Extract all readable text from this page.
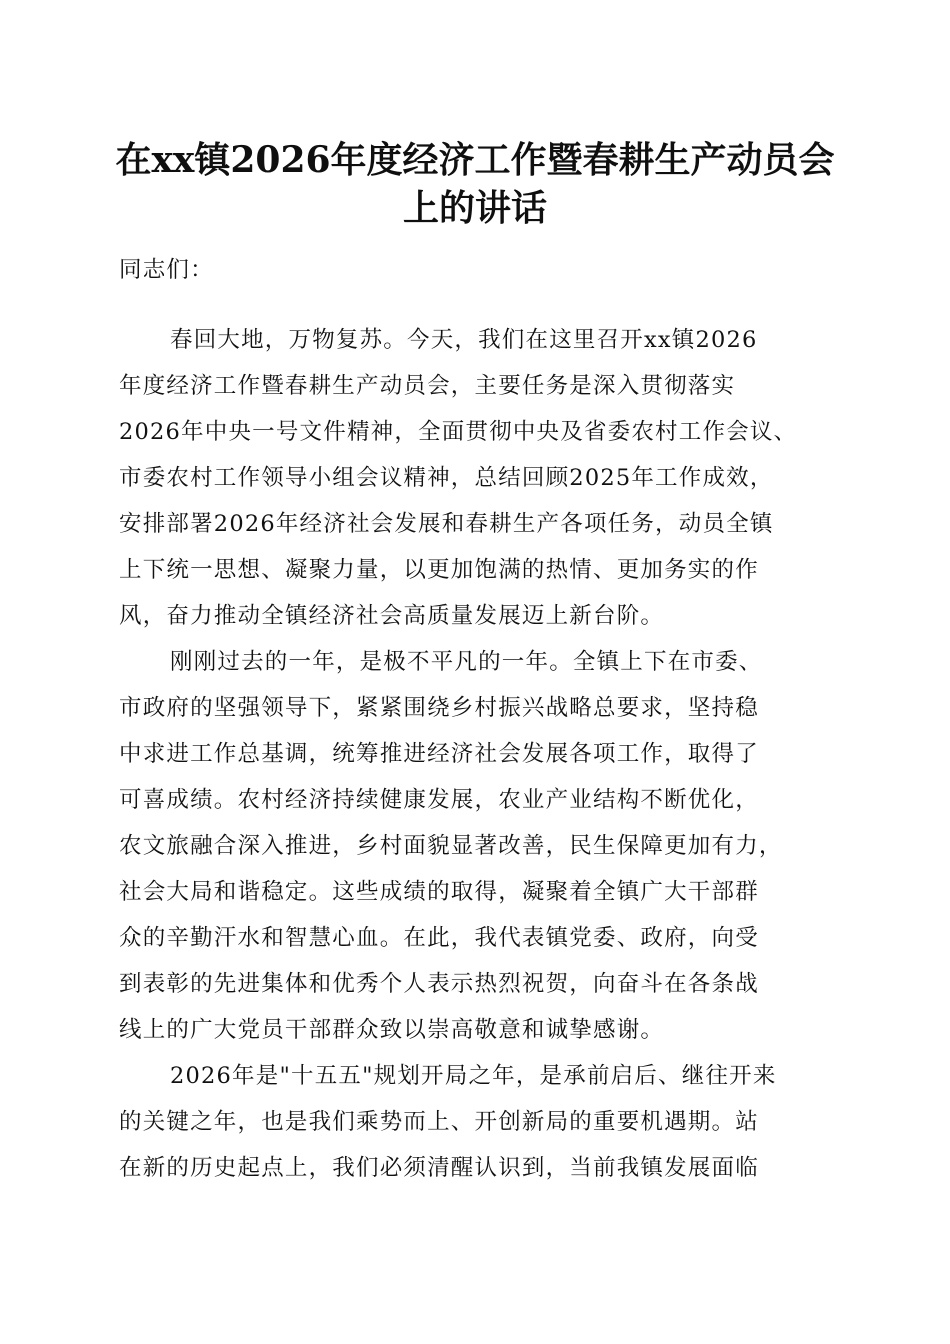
在xx镇2026年度经济工作暨春耕生产动员会
上的讲话
同志们：
春回大地，万物复苏。今天，我们在这里召开xx镇2026
年度经济工作暨春耕生产动员会，主要任务是深入贯彻落实
2026年中央一号文件精神，全面贯彻中央及省委农村工作会议、
市委农村工作领导小组会议精神，总结回顾2025年工作成效，
安排部署2026年经济社会发展和春耕生产各项任务，动员全镇
上下统一思想、凝聚力量，以更加饱满的热情、更加务实的作
风，奋力推动全镇经济社会高质量发展迈上新台阶。
刚刚过去的一年，是极不平凡的一年。全镇上下在市委、
市政府的坚强领导下，紧紧围绕乡村振兴战略总要求，坚持稳
中求进工作总基调，统筹推进经济社会发展各项工作，取得了
可喜成绩。农村经济持续健康发展，农业产业结构不断优化，
农文旅融合深入推进，乡村面貌显著改善，民生保障更加有力，
社会大局和谐稳定。这些成绩的取得，凝聚着全镇广大干部群
众的辛勤汗水和智慧心血。在此，我代表镇党委、政府，向受
到表彰的先进集体和优秀个人表示热烈祝贺，向奋斗在各条战
线上的广大党员干部群众致以崇高敬意和诚挚感谢。
2026年是"十五五"规划开局之年，是承前启后、继往开来
的关键之年，也是我们乘势而上、开创新局的重要机遇期。站
在新的历史起点上，我们必须清醒认识到，当前我镇发展面临
